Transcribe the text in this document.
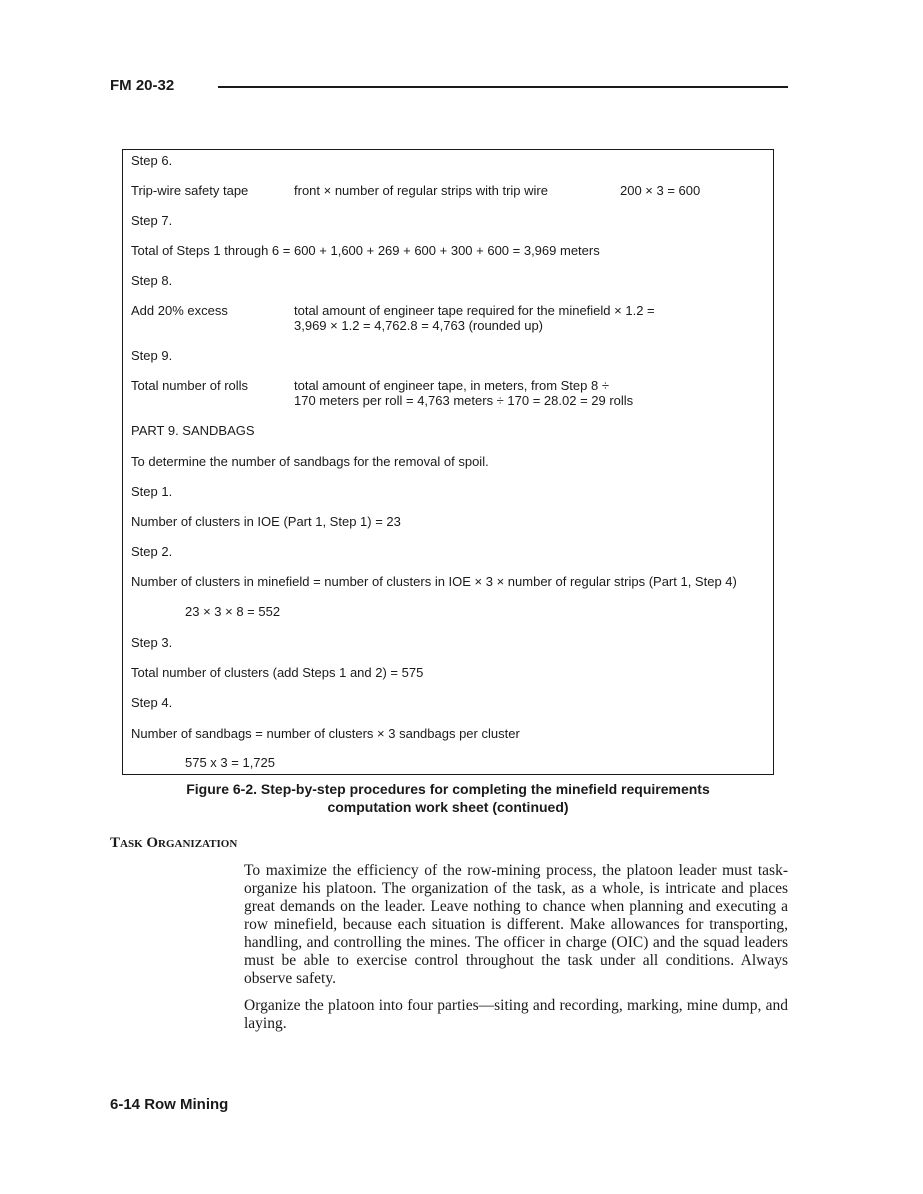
FM 20-32
Step 6.
Trip-wire safety tape	front × number of regular strips with trip wire	200 × 3 = 600
Step 7.
Total of Steps 1 through 6 = 600 + 1,600 + 269 + 600 + 300 + 600 = 3,969 meters
Step 8.
Add 20% excess	total amount of engineer tape required for the minefield × 1.2 =
3,969 × 1.2 = 4,762.8 = 4,763 (rounded up)
Step 9.
Total number of rolls	total amount of engineer tape, in meters, from Step 8 ÷
170 meters per roll = 4,763 meters ÷ 170 = 28.02 = 29 rolls
PART 9. SANDBAGS
To determine the number of sandbags for the removal of spoil.
Step 1.
Number of clusters in IOE (Part 1, Step 1) = 23
Step 2.
Number of clusters in minefield = number of clusters in IOE × 3 × number of regular strips (Part 1, Step 4)
23 × 3 × 8 = 552
Step 3.
Total number of clusters (add Steps 1 and 2) = 575
Step 4.
Number of sandbags = number of clusters × 3 sandbags per cluster
575 x 3 = 1,725
Figure 6-2. Step-by-step procedures for completing the minefield requirements
computation work sheet (continued)
Task Organization

To maximize the efficiency of the row-mining process, the platoon leader must task-organize his platoon. The organization of the task, as a whole, is intricate and places great demands on the leader. Leave nothing to chance when planning and executing a row minefield, because each situation is different. Make allowances for transporting, handling, and controlling the mines. The officer in charge (OIC) and the squad leaders must be able to exercise control throughout the task under all conditions. Always observe safety.

Organize the platoon into four parties—siting and recording, marking, mine dump, and laying.

6-14 Row Mining
